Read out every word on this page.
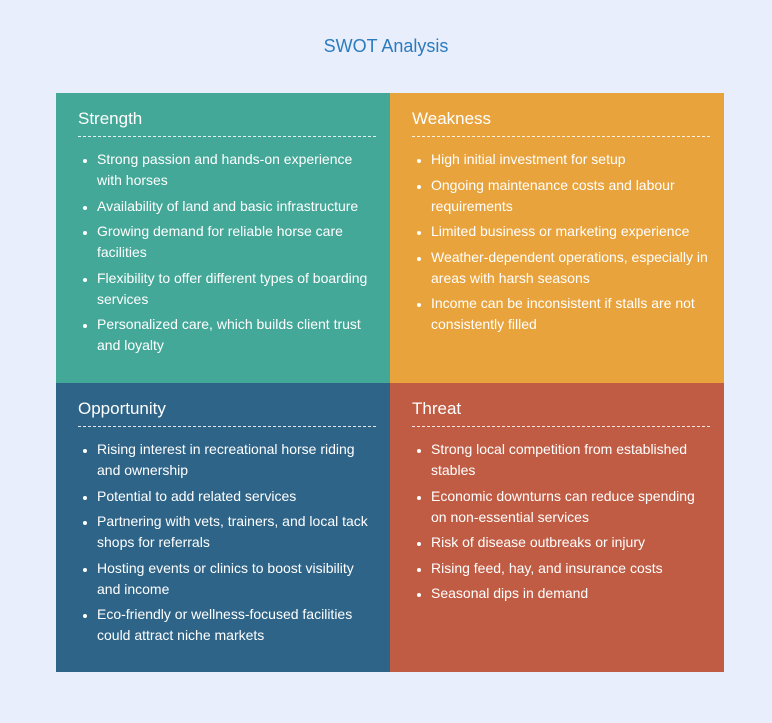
SWOT Analysis
Strength
• Strong passion and hands-on experience with horses
• Availability of land and basic infrastructure
• Growing demand for reliable horse care facilities
• Flexibility to offer different types of boarding services
• Personalized care, which builds client trust and loyalty
Weakness
• High initial investment for setup
• Ongoing maintenance costs and labour requirements
• Limited business or marketing experience
• Weather-dependent operations, especially in areas with harsh seasons
• Income can be inconsistent if stalls are not consistently filled
Opportunity
• Rising interest in recreational horse riding and ownership
• Potential to add related services
• Partnering with vets, trainers, and local tack shops for referrals
• Hosting events or clinics to boost visibility and income
• Eco-friendly or wellness-focused facilities could attract niche markets
Threat
• Strong local competition from established stables
• Economic downturns can reduce spending on non-essential services
• Risk of disease outbreaks or injury
• Rising feed, hay, and insurance costs
• Seasonal dips in demand
